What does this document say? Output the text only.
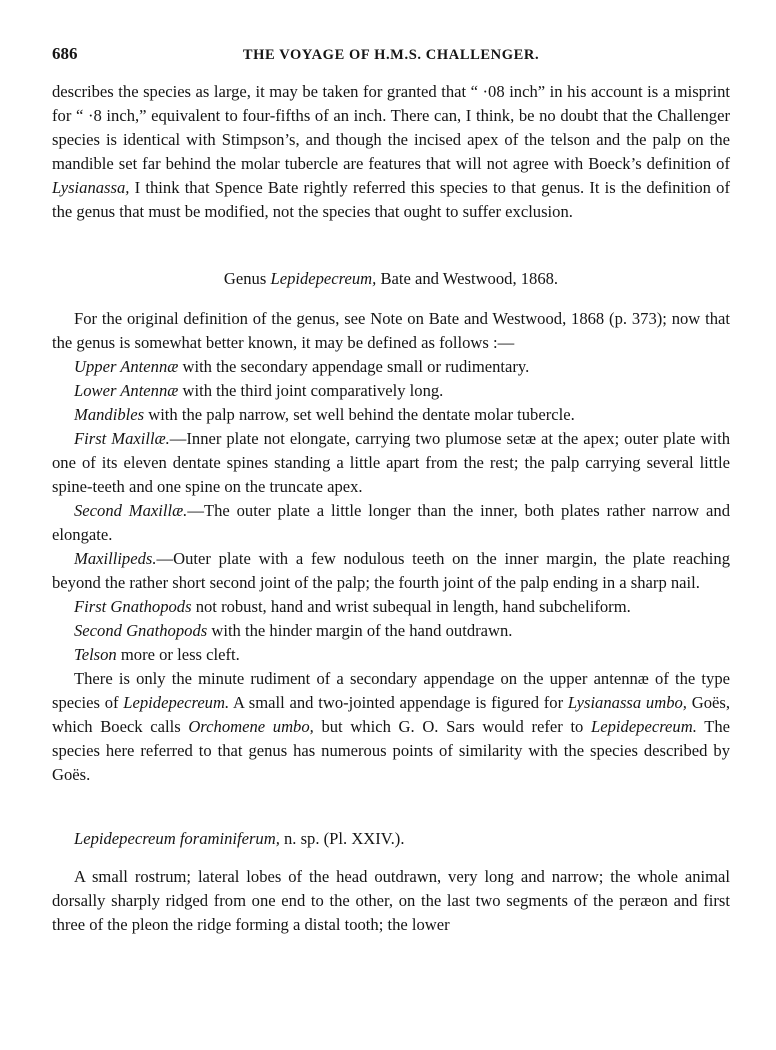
686	THE VOYAGE OF H.M.S. CHALLENGER.

describes the species as large, it may be taken for granted that “ ·08 inch” in his account is a misprint for “ ·8 inch,” equivalent to four-fifths of an inch. There can, I think, be no doubt that the Challenger species is identical with Stimpson’s, and though the incised apex of the telson and the palp on the mandible set far behind the molar tubercle are features that will not agree with Boeck’s definition of Lysianassa, I think that Spence Bate rightly referred this species to that genus. It is the definition of the genus that must be modified, not the species that ought to suffer exclusion.

Genus Lepidepecreum, Bate and Westwood, 1868.

For the original definition of the genus, see Note on Bate and Westwood, 1868 (p. 373); now that the genus is somewhat better known, it may be defined as follows :—

Upper Antennæ with the secondary appendage small or rudimentary.

Lower Antennæ with the third joint comparatively long.

Mandibles with the palp narrow, set well behind the dentate molar tubercle.

First Maxillæ.—Inner plate not elongate, carrying two plumose setæ at the apex; outer plate with one of its eleven dentate spines standing a little apart from the rest; the palp carrying several little spine-teeth and one spine on the truncate apex.

Second Maxillæ.—The outer plate a little longer than the inner, both plates rather narrow and elongate.

Maxillipeds.—Outer plate with a few nodulous teeth on the inner margin, the plate reaching beyond the rather short second joint of the palp; the fourth joint of the palp ending in a sharp nail.

First Gnathopods not robust, hand and wrist subequal in length, hand subcheliform.

Second Gnathopods with the hinder margin of the hand outdrawn.

Telson more or less cleft.

There is only the minute rudiment of a secondary appendage on the upper antennæ of the type species of Lepidepecreum. A small and two-jointed appendage is figured for Lysianassa umbo, Goës, which Boeck calls Orchomene umbo, but which G. O. Sars would refer to Lepidepecreum. The species here referred to that genus has numerous points of similarity with the species described by Goës.

Lepidepecreum foraminiferum, n. sp. (Pl. XXIV.).

A small rostrum; lateral lobes of the head outdrawn, very long and narrow; the whole animal dorsally sharply ridged from one end to the other, on the last two segments of the peræon and first three of the pleon the ridge forming a distal tooth; the lower
